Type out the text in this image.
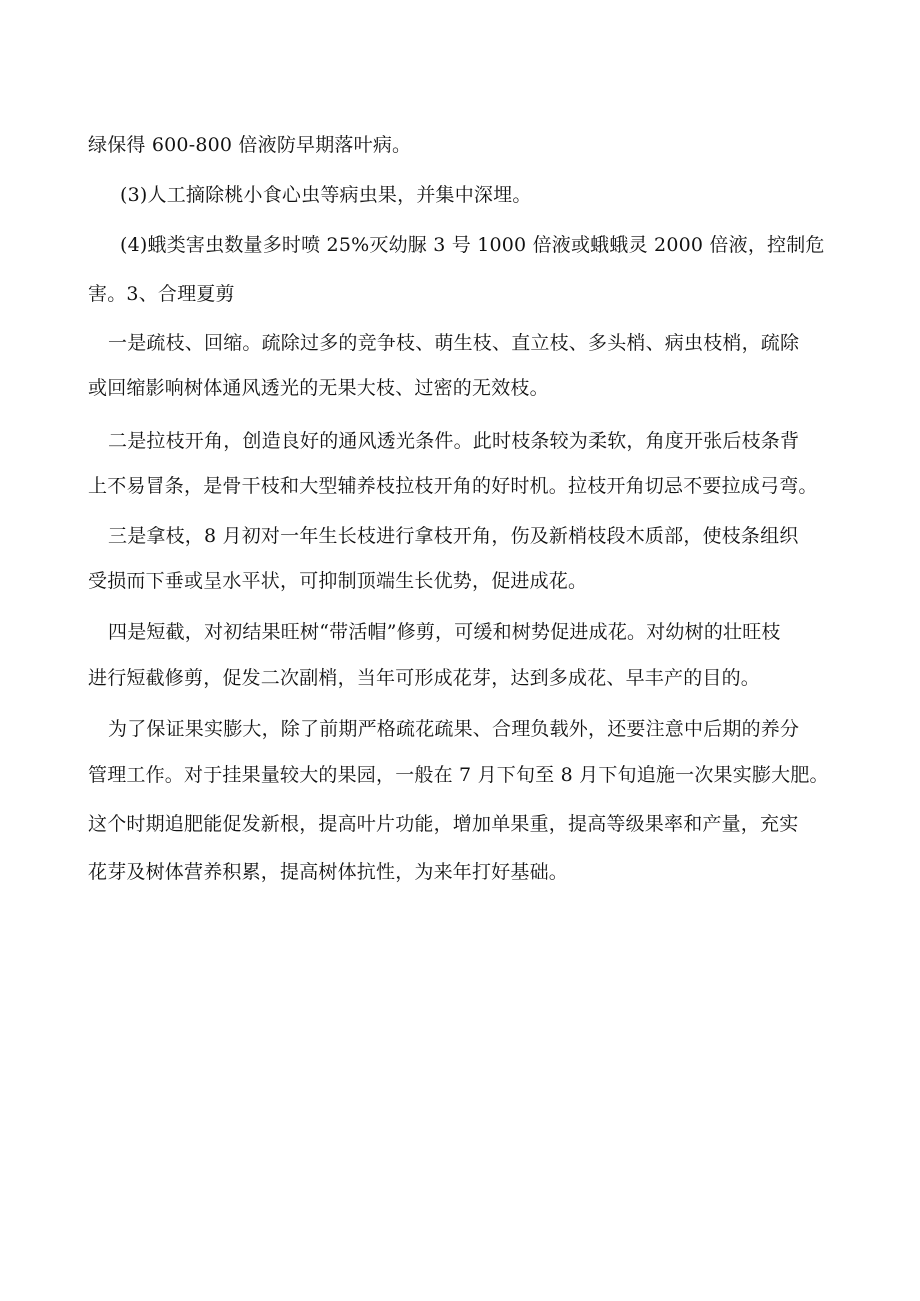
绿保得 600-800 倍液防早期落叶病。
(3)人工摘除桃小食心虫等病虫果，并集中深埋。
(4)蛾类害虫数量多时喷 25%灭幼脲 3 号 1000 倍液或蛾蛾灵 2000 倍液，控制危
害。3、合理夏剪
一是疏枝、回缩。疏除过多的竞争枝、萌生枝、直立枝、多头梢、病虫枝梢，疏除
或回缩影响树体通风透光的无果大枝、过密的无效枝。
二是拉枝开角，创造良好的通风透光条件。此时枝条较为柔软，角度开张后枝条背
上不易冒条，是骨干枝和大型辅养枝拉枝开角的好时机。拉枝开角切忌不要拉成弓弯。
三是拿枝，8 月初对一年生长枝进行拿枝开角，伤及新梢枝段木质部，使枝条组织
受损而下垂或呈水平状，可抑制顶端生长优势，促进成花。
四是短截，对初结果旺树“带活帽”修剪，可缓和树势促进成花。对幼树的壮旺枝
进行短截修剪，促发二次副梢，当年可形成花芽，达到多成花、早丰产的目的。
为了保证果实膨大，除了前期严格疏花疏果、合理负载外，还要注意中后期的养分
管理工作。对于挂果量较大的果园，一般在 7 月下旬至 8 月下旬追施一次果实膨大肥。
这个时期追肥能促发新根，提高叶片功能，增加单果重，提高等级果率和产量，充实
花芽及树体营养积累，提高树体抗性，为来年打好基础。
